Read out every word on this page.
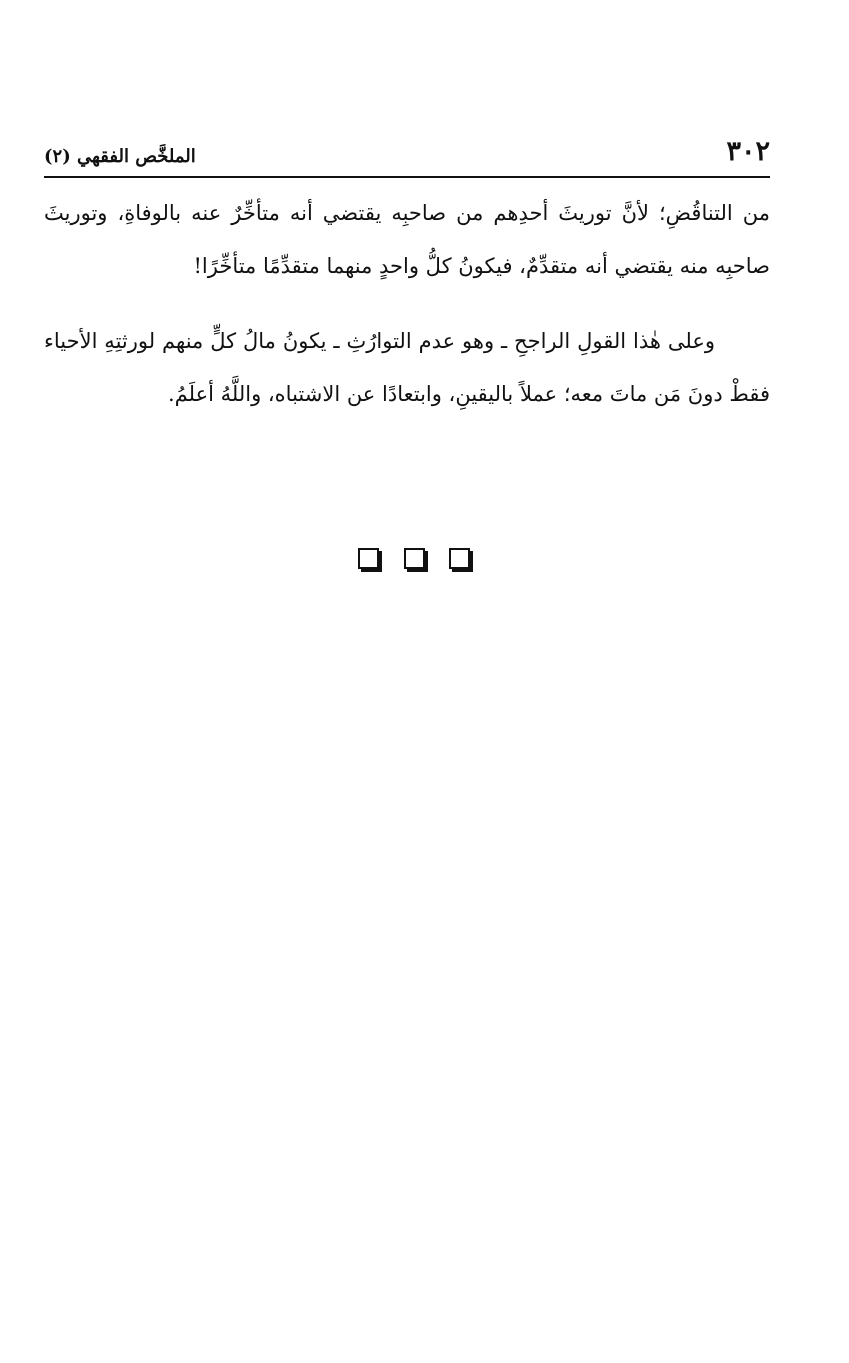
٣٠٢
الملخَّص الفقهي (٢)

من التناقُضِ؛ لأنَّ توريثَ أحدِهم من صاحبِه يقتضي أنه متأخِّرٌ عنه بالوفاةِ، وتوريثَ صاحبِه منه يقتضي أنه متقدِّمٌ، فيكونُ كلُّ واحدٍ منهما متقدِّمًا متأخِّرًا!

وعلى هٰذا القولِ الراجحِ ـ وهو عدم التوارُثِ ـ يكونُ مالُ كلٍّ منهم لورثتِهِ الأحياء فقطْ دونَ مَن ماتَ معه؛ عملاً باليقينِ، وابتعادًا عن الاشتباه، واللَّهُ أعلَمُ.
